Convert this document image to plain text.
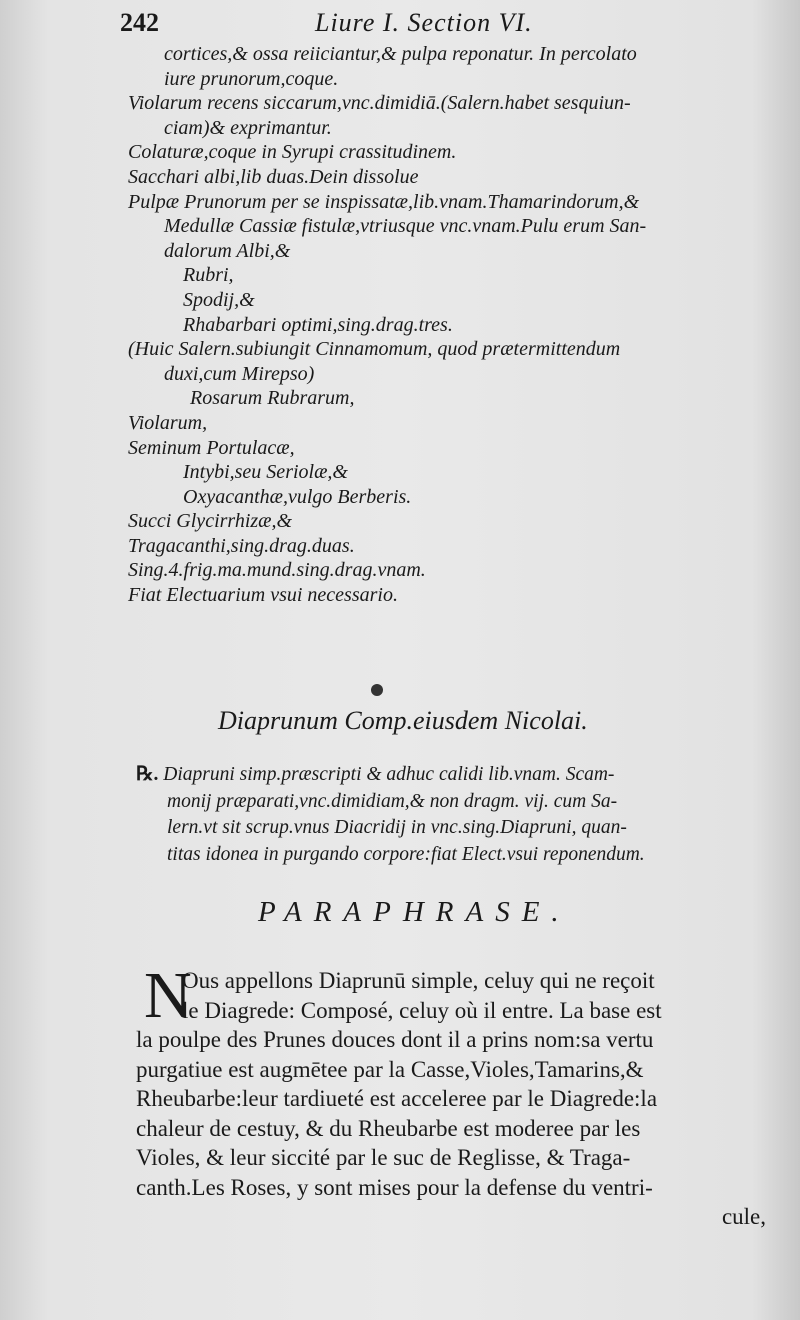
242	Liure I. Section VI.
cortices,& ossa reiiciantur,& pulpa reponatur. In percolato
iure prunorum,coque.
Violarum recens siccarum,vnc.dimidiā.(Salern.habet sesquiun-
ciam)& exprimantur.
Colaturæ,coque in Syrupi crassitudinem.
Sacchari albi,lib duas.Dein dissolue
Pulpæ Prunorum per se inspissatæ,lib.vnam.Thamarindorum,&
Medullæ Cassiæ fistulæ,vtriusque vnc.vnam.Pulu erum San-
dalorum Albi,&
Rubri,
Spodij,&
Rhabarbari optimi,sing.drag.tres.
(Huic Salern.subiungit Cinnamomum, quod prætermittendum
duxi,cum Mirepso)
Rosarum Rubrarum,
Violarum,
Seminum Portulacæ,
Intybi,seu Seriolæ,&
Oxyacanthæ,vulgo Berberis.
Succi Glycirrhizæ,&
Tragacanthi,sing.drag.duas.
Sing.4.frig.ma.mund.sing.drag.vnam.
Fiat Electuarium vsui necessario.
Diaprunum Comp.eiusdem Nicolai.
℞. Diapruni simp.præscripti & adhuc calidi lib.vnam. Scam-
monij præparati,vnc.dimidiam,& non dragm. vij. cum Sa-
lern.vt sit scrup.vnus Diacridij in vnc.sing.Diapruni, quan-
titas idonea in purgando corpore:fiat Elect.vsui reponendum.
PARAPHRASE.
N
Ous appellons Diaprunū simple, celuy qui ne reçoit
le Diagrede: Composé, celuy où il entre. La base est
la poulpe des Prunes douces dont il a prins nom:sa vertu
purgatiue est augmētee par la Casse,Violes,Tamarins,&
Rheubarbe:leur tardiueté est acceleree par le Diagrede:la
chaleur de cestuy, & du Rheubarbe est moderee par les
Violes, & leur siccité par le suc de Reglisse, & Traga-
canth.Les Roses, y sont mises pour la defense du ventri-
cule,
